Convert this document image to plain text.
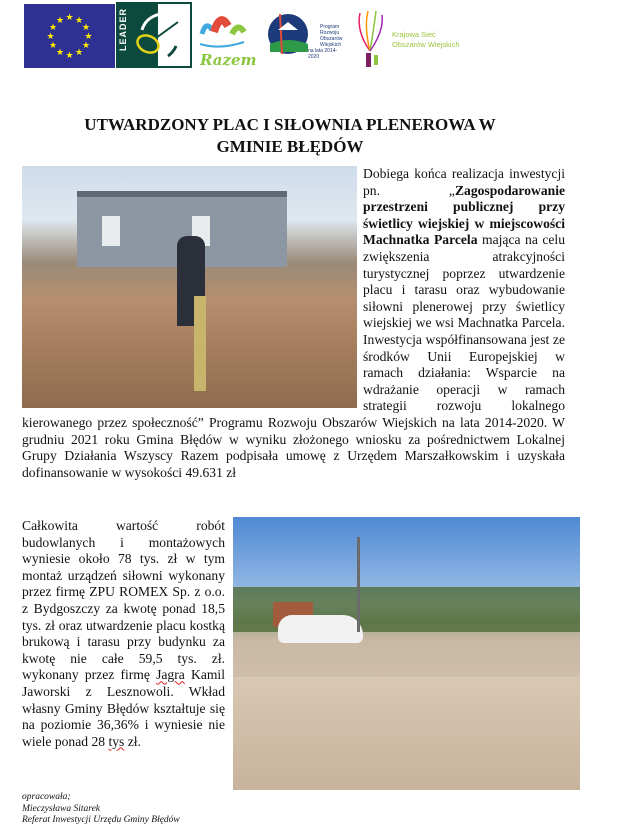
★ ★
★
★
★
★
★
★
★
★
★
★	LEADER
Razem
Program
Rozwoju
Obszarów
Wiejskich
na lata 2014-2020
Krajowa Sieć
Obszarów Wiejskich
UTWARDZONY PLAC I SIŁOWNIA PLENEROWA W
GMINIE BŁĘDÓW
Dobiega końca realizacja inwestycji pn. „Zagospodarowanie przestrzeni publicznej przy świetlicy wiejskiej w miejscowości Machnatka Parcela mająca na celu zwiększenia atrakcyjności turystycznej poprzez utwardzenie placu i tarasu oraz wybudowanie siłowni plenerowej przy świetlicy wiejskiej we wsi Machnatka Parcela. Inwestycja współfinansowana jest ze środków Unii Europejskiej w ramach działania: Wsparcie na wdrażanie operacji w ramach strategii rozwoju lokalnego kierowanego przez społeczność” Programu Rozwoju Obszarów Wiejskich na lata 2014-2020. W grudniu 2021 roku Gmina Błędów w wyniku złożonego wniosku za pośrednictwem Lokalnej Grupy Działania Wszyscy Razem podpisała umowę z Urzędem Marszałkowskim i uzyskała dofinansowanie w wysokości 49.631 zł
Całkowita wartość robót budowlanych i montażowych wyniesie około 78 tys. zł w tym montaż urządzeń siłowni wykonany przez firmę ZPU ROMEX Sp. z o.o. z Bydgoszczy za kwotę ponad 18,5 tys. zł oraz utwardzenie placu kostką brukową i tarasu przy budynku za kwotę nie całe 59,5 tys. zł. wykonany przez firmę Jagra Kamil Jaworski z Lesznowoli. Wkład własny Gminy Błędów kształtuje się na poziomie 36,36% i wyniesie nie wiele ponad 28 tys zł.
opracowała;
Mieczysława Sitarek
Referat Inwestycji Urzędu Gminy Błędów
